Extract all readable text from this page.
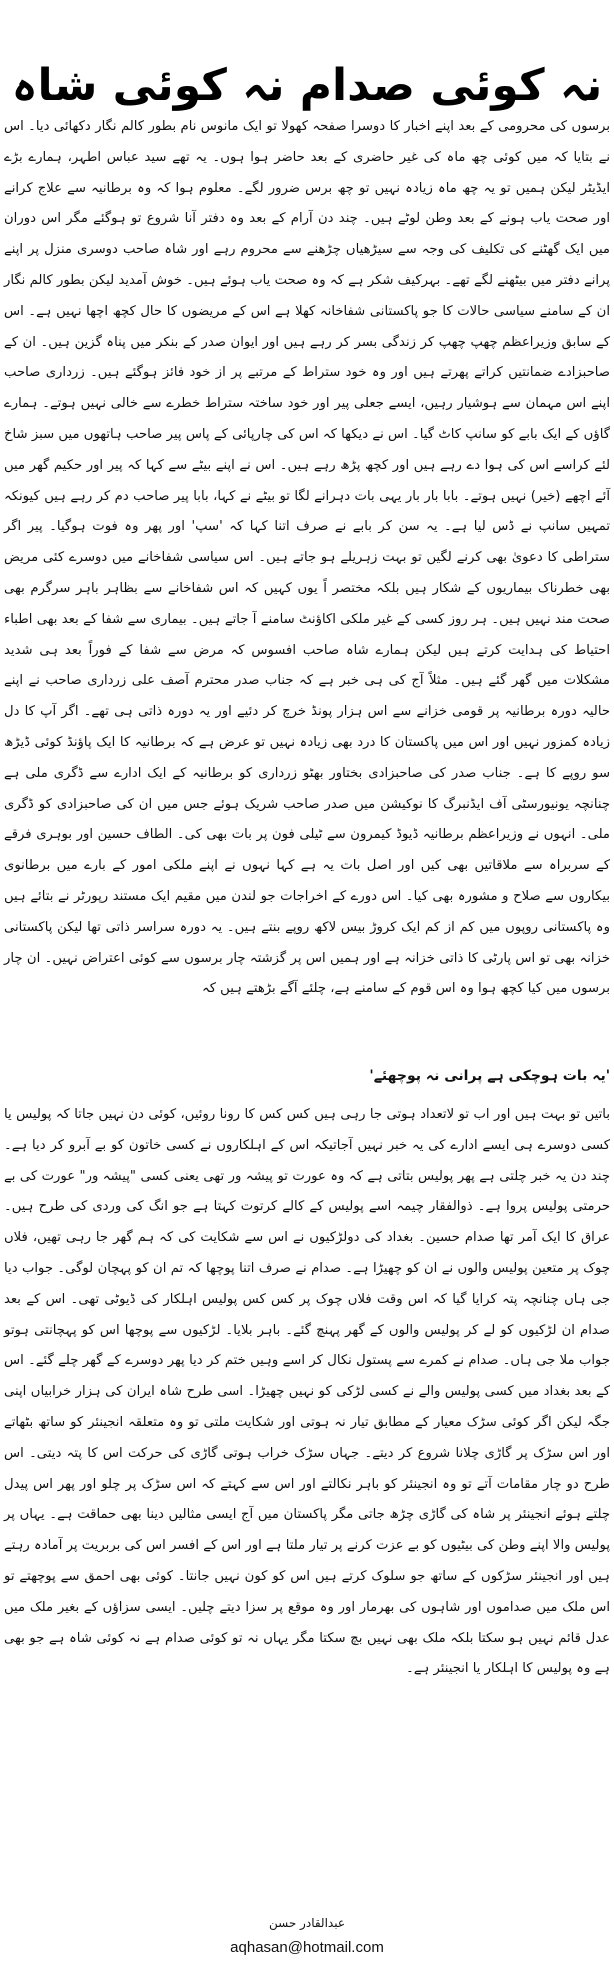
نہ کوئی صدام نہ کوئی شاہ

برسوں کی محرومی کے بعد اپنے اخبار کا دوسرا صفحہ کھولا تو ایک مانوس نام بطور کالم نگار دکھائی دیا۔ اس نے بتایا کہ میں کوئی چھ ماہ کی غیر حاضری کے بعد حاضر ہوا ہوں۔ یہ تھے سید عباس اطہر، ہمارے بڑے ایڈیٹر لیکن ہمیں تو یہ چھ ماہ زیادہ نہیں تو چھ برس ضرور لگے۔ معلوم ہوا کہ وہ برطانیہ سے علاج کرانے اور صحت یاب ہونے کے بعد وطن لوٹے ہیں۔ چند دن آرام کے بعد وہ دفتر آنا شروع تو ہوگئے مگر اس دوران میں ایک گھٹنے کی تکلیف کی وجہ سے سیڑھیاں چڑھنے سے محروم رہے اور شاہ صاحب دوسری منزل پر اپنے پرانے دفتر میں بیٹھنے لگے تھے۔ بہرکیف شکر ہے کہ وہ صحت یاب ہوئے ہیں۔ خوش آمدید لیکن بطور کالم نگار ان کے سامنے سیاسی حالات کا جو پاکستانی شفاخانہ کھلا ہے اس کے مریضوں کا حال کچھ اچھا نہیں ہے۔ اس کے سابق وزیراعظم چھپ چھپ کر زندگی بسر کر رہے ہیں اور ایوان صدر کے بنکر میں پناہ گزین ہیں۔ ان کے صاحبزادے ضمانتیں کراتے پھرتے ہیں اور وہ خود ستراط کے مرتبے پر از خود فائز ہوگئے ہیں۔ زرداری صاحب اپنے اس مہمان سے ہوشیار رہیں، ایسے جعلی پیر اور خود ساختہ ستراط خطرے سے خالی نہیں ہوتے۔ ہمارے گاؤں کے ایک بابے کو سانپ کاٹ گیا۔ اس نے دیکھا کہ اس کی چارپائی کے پاس پیر صاحب ہاتھوں میں سبز شاخ لئے کراسے اس کی ہوا دے رہے ہیں اور کچھ پڑھ رہے ہیں۔ اس نے اپنے بیٹے سے کہا کہ پیر اور حکیم گھر میں آئے اچھے (خیر) نہیں ہوتے۔ بابا بار بار یہی بات دہرانے لگا تو بیٹے نے کہا، بابا پیر صاحب دم کر رہے ہیں کیونکہ تمہیں سانپ نے ڈس لیا ہے۔ یہ سن کر بابے نے صرف اتنا کہا کہ 'سپ' اور پھر وہ فوت ہوگیا۔ پیر اگر ستراطی کا دعویٰ بھی کرنے لگیں تو بہت زہریلے ہو جاتے ہیں۔ اس سیاسی شفاخانے میں دوسرے کئی مریض بھی خطرناک بیماریوں کے شکار ہیں بلکہ مختصر اً یوں کہیں کہ اس شفاخانے سے بظاہر باہر سرگرم بھی صحت مند نہیں ہیں۔ ہر روز کسی کے غیر ملکی اکاؤنٹ سامنے آ جاتے ہیں۔ بیماری سے شفا کے بعد بھی اطباء احتیاط کی ہدایت کرتے ہیں لیکن ہمارے شاہ صاحب افسوس کہ مرض سے شفا کے فوراً بعد ہی شدید مشکلات میں گھر گئے ہیں۔ مثلاً آج کی ہی خبر ہے کہ جناب صدر محترم آصف علی زرداری صاحب نے اپنے حالیہ دورہ برطانیہ پر قومی خزانے سے اس ہزار پونڈ خرچ کر دئیے اور یہ دورہ ذاتی ہی تھے۔ اگر آپ کا دل زیادہ کمزور نہیں اور اس میں پاکستان کا درد بھی زیادہ نہیں تو عرض ہے کہ برطانیہ کا ایک پاؤنڈ کوئی ڈیڑھ سو روپے کا ہے۔ جناب صدر کی صاحبزادی بختاور بھٹو زرداری کو برطانیہ کے ایک ادارے سے ڈگری ملی ہے چنانچہ یونیورسٹی آف ایڈنبرگ کا نوکیشن میں صدر صاحب شریک ہوئے جس میں ان کی صاحبزادی کو ڈگری ملی۔ انہوں نے وزیراعظم برطانیہ ڈیوڈ کیمرون سے ٹیلی فون پر بات بھی کی۔ الطاف حسین اور بوہری فرقے کے سربراہ سے ملاقاتیں بھی کیں اور اصل بات یہ ہے کہا نہوں نے اپنے ملکی امور کے بارے میں برطانوی بیکاروں سے صلاح و مشورہ بھی کیا۔ اس دورے کے اخراجات جو لندن میں مقیم ایک مستند رپورٹر نے بتائے ہیں وہ پاکستانی روپوں میں کم از کم ایک کروڑ بیس لاکھ روپے بنتے ہیں۔ یہ دورہ سراسر ذاتی تھا لیکن پاکستانی خزانہ بھی تو اس پارٹی کا ذاتی خزانہ ہے اور ہمیں اس پر گزشتہ چار برسوں سے کوئی اعتراض نہیں۔ ان چار برسوں میں کیا کچھ ہوا وہ اس قوم کے سامنے ہے، چلئے آگے بڑھتے ہیں کہ

'یہ بات ہوچکی ہے پرانی نہ پوچھئے'

باتیں تو بہت ہیں اور اب تو لاتعداد ہوتی جا رہی ہیں کس کس کا رونا روئیں، کوئی دن نہیں جاتا کہ پولیس یا کسی دوسرے ہی ایسے ادارے کی یہ خبر نہیں آجاتیکہ اس کے اہلکاروں نے کسی خاتون کو بے آبرو کر دیا ہے۔ چند دن یہ خبر چلتی ہے پھر پولیس بتاتی ہے کہ وہ عورت تو پیشہ ور تھی یعنی کسی "پیشہ ور" عورت کی بے حرمتی پولیس پروا ہے۔ ذوالفقار چیمہ اسے پولیس کے کالے کرتوت کہتا ہے جو انگ کی وردی کی طرح ہیں۔ عراق کا ایک آمر تھا صدام حسین۔ بغداد کی دولڑکیوں نے اس سے شکایت کی کہ ہم گھر جا رہی تھیں، فلاں چوک پر متعین پولیس والوں نے ان کو چھیڑا ہے۔ صدام نے صرف اتنا پوچھا کہ تم ان کو پہچان لوگی۔ جواب دیا جی ہاں چنانچہ پتہ کرایا گیا کہ اس وقت فلاں چوک پر کس کس پولیس اہلکار کی ڈیوٹی تھی۔ اس کے بعد صدام ان لڑکیوں کو لے کر پولیس والوں کے گھر پہنچ گئے۔ باہر بلایا۔ لڑکیوں سے پوچھا اس کو پہچانتی ہوتو جواب ملا جی ہاں۔ صدام نے کمرے سے پستول نکال کر اسے وہیں ختم کر دیا پھر دوسرے کے گھر چلے گئے۔ اس کے بعد بغداد میں کسی پولیس والے نے کسی لڑکی کو نہیں چھیڑا۔ اسی طرح شاہ ایران کی ہزار خرابیاں اپنی جگہ لیکن اگر کوئی سڑک معیار کے مطابق تیار نہ ہوتی اور شکایت ملتی تو وہ متعلقہ انجینئر کو ساتھ بٹھاتے اور اس سڑک پر گاڑی چلانا شروع کر دیتے۔ جہاں سڑک خراب ہوتی گاڑی کی حرکت اس کا پتہ دیتی۔ اس طرح دو چار مقامات آتے تو وہ انجینئر کو باہر نکالتے اور اس سے کہتے کہ اس سڑک پر چلو اور پھر اس پیدل چلتے ہوئے انجینئر پر شاہ کی گاڑی چڑھ جاتی مگر پاکستان میں آج ایسی مثالیں دینا بھی حماقت ہے۔ یہاں پر پولیس والا اپنے وطن کی بیٹیوں کو بے عزت کرنے پر تیار ملتا ہے اور اس کے افسر اس کی بربریت پر آمادہ رہتے ہیں اور انجینئر سڑکوں کے ساتھ جو سلوک کرتے ہیں اس کو کون نہیں جانتا۔ کوئی بھی احمق سے پوچھتے تو اس ملک میں صداموں اور شاہوں کی بھرمار اور وہ موقع پر سزا دیتے چلیں۔ ایسی سزاؤں کے بغیر ملک میں عدل قائم نہیں ہو سکتا بلکہ ملک بھی نہیں بچ سکتا مگر یہاں نہ تو کوئی صدام ہے نہ کوئی شاہ ہے جو بھی ہے وہ پولیس کا اہلکار یا انجینئر ہے۔

عبدالقادر حسن
aqhasan@hotmail.com
